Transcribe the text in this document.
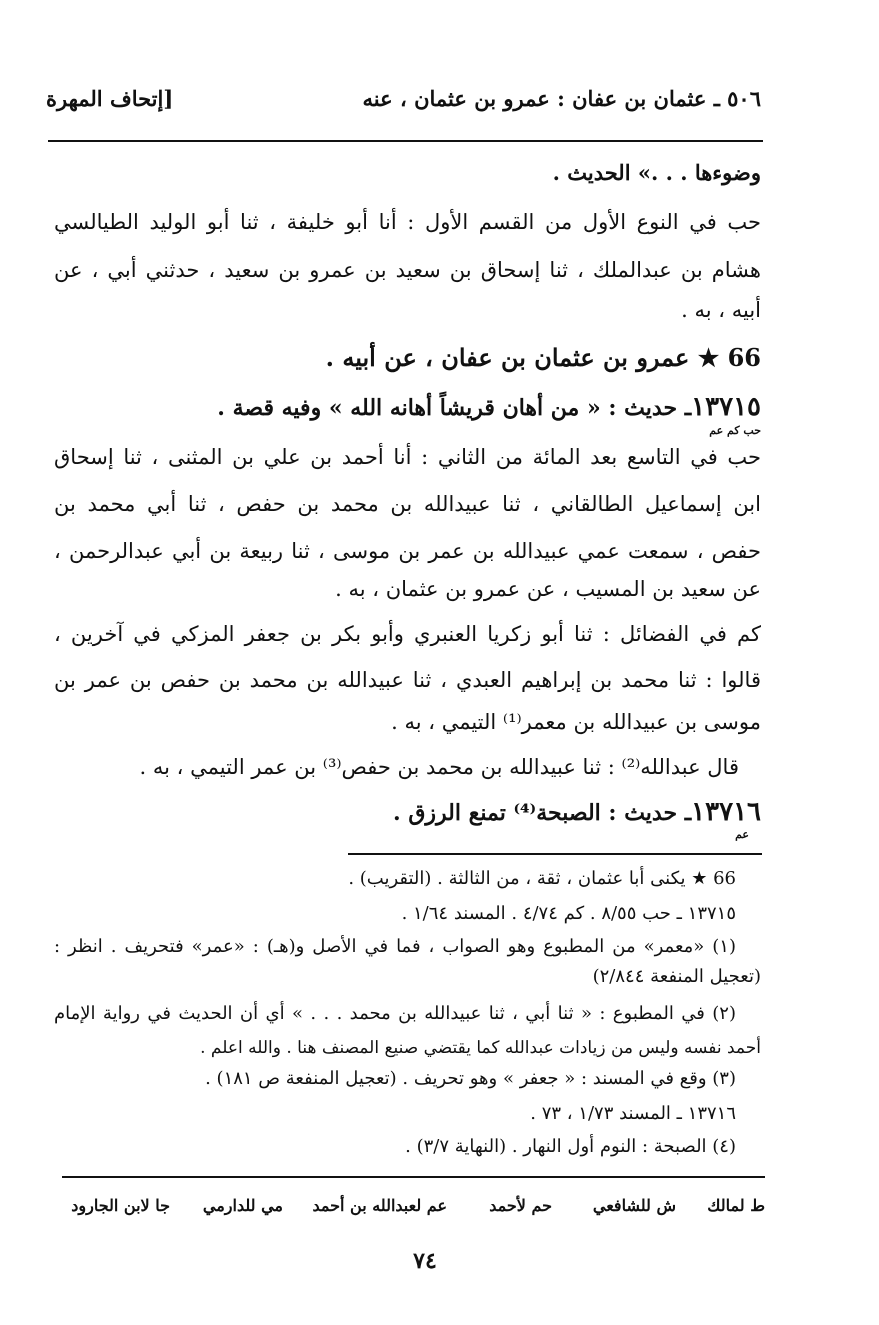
٥٠٦ ـ عثمان بن عفان : عمرو بن عثمان ، عنه
[إتحاف المهرة
وضوءها . . .» الحديث .
حب في النوع الأول من القسم الأول : أنا أبو خليفة ، ثنا أبو الوليد الطيالسي
هشام بن عبدالملك ، ثنا إسحاق بن سعيد بن عمرو بن سعيد ، حدثني أبي ، عن
أبيه ، به .
66 ★ عمرو بن عثمان بن عفان ، عن أبيه .
١٣٧١٥ـ حديث : « من أهان قريشاً أهانه الله » وفيه قصة .
حب كم عم
حب في التاسع بعد المائة من الثاني : أنا أحمد بن علي بن المثنى ، ثنا إسحاق
ابن إسماعيل الطالقاني ، ثنا عبيدالله بن محمد بن حفص ، ثنا أبي محمد بن
حفص ، سمعت عمي عبيدالله بن عمر بن موسى ، ثنا ربيعة بن أبي عبدالرحمن ،
عن سعيد بن المسيب ، عن عمرو بن عثمان ، به .
كم في الفضائل : ثنا أبو زكريا العنبري وأبو بكر بن جعفر المزكي في آخرين ،
قالوا : ثنا محمد بن إبراهيم العبدي ، ثنا عبيدالله بن محمد بن حفص بن عمر بن
موسى بن عبيدالله بن معمر⁽¹⁾ التيمي ، به .
قال عبدالله⁽²⁾ : ثنا عبيدالله بن محمد بن حفص⁽³⁾ بن عمر التيمي ، به .
١٣٧١٦ـ حديث : الصبحة⁽⁴⁾ تمنع الرزق .
عم
66 ★ يكنى أبا عثمان ، ثقة ، من الثالثة . (التقريب) .
١٣٧١٥ ـ حب ٨/٥٥ . كم ٤/٧٤ . المسند ١/٦٤ .
(١) «معمر» من المطبوع وهو الصواب ، فما في الأصل و(هـ) : «عمر» فتحريف . انظر :
(تعجيل المنفعة ٢/٨٤٤)
(٢) في المطبوع : « ثنا أبي ، ثنا عبيدالله بن محمد . . . » أي أن الحديث في رواية الإمام
أحمد نفسه وليس من زيادات عبدالله كما يقتضي صنيع المصنف هنا . والله اعلم .
(٣) وقع في المسند : « جعفر » وهو تحريف . (تعجيل المنفعة ص ١٨١) .
١٣٧١٦ ـ المسند ١/٧٣ ، ٧٣ .
(٤) الصبحة : النوم أول النهار . (النهاية ٣/٧) .
ط لمالك
ش للشافعي
حم لأحمد
عم لعبدالله بن أحمد
مي للدارمي
جا لابن الجارود
٧٤
